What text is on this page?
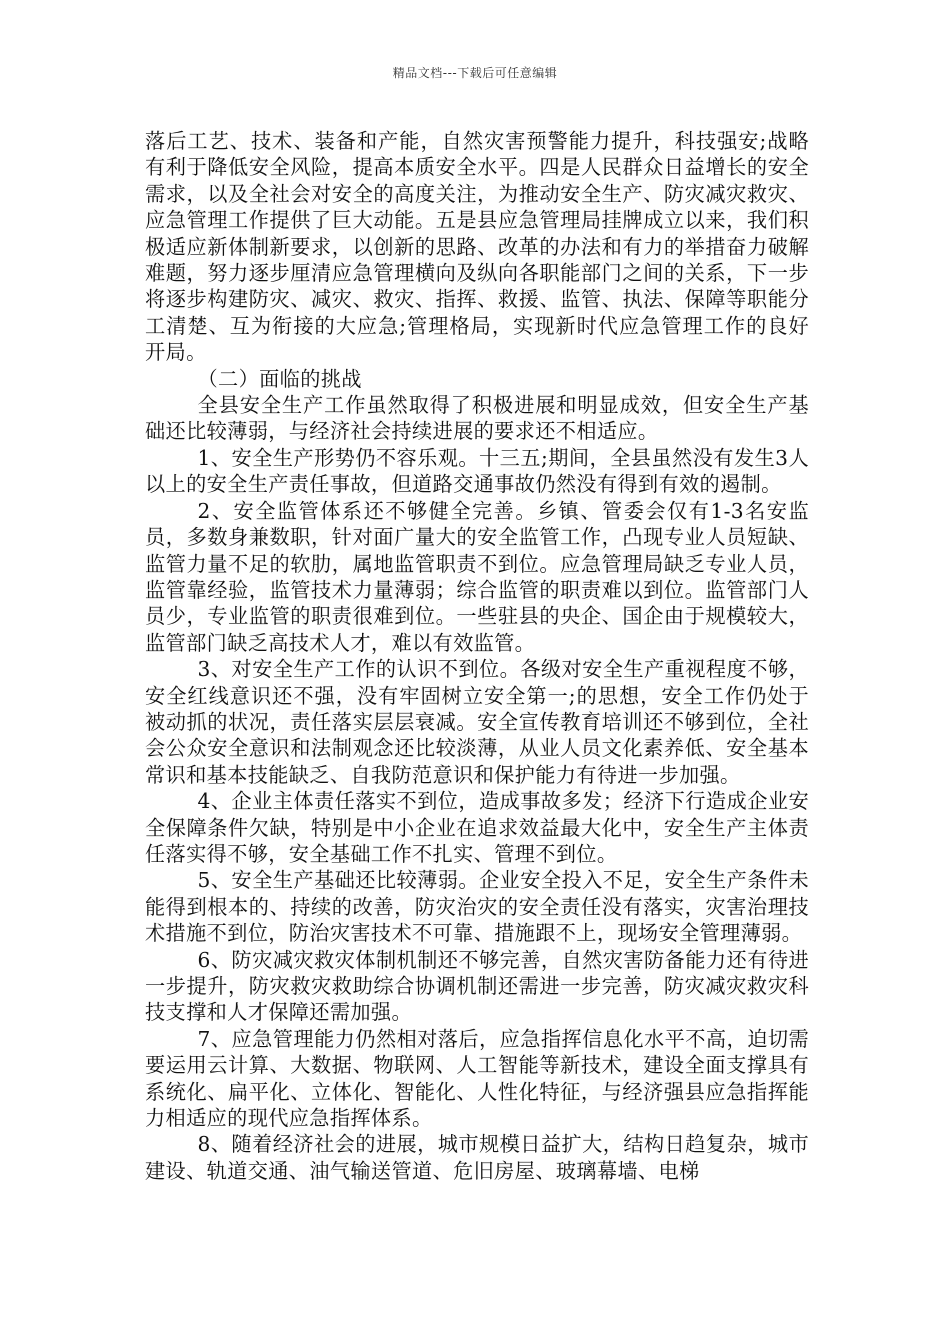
精品文档---下载后可任意编辑

落后工艺、技术、装备和产能，自然灾害预警能力提升，科技强安;战略有利于降低安全风险，提高本质安全水平。四是人民群众日益增长的安全需求，以及全社会对安全的高度关注，为推动安全生产、防灾减灾救灾、应急管理工作提供了巨大动能。五是县应急管理局挂牌成立以来，我们积极适应新体制新要求，以创新的思路、改革的办法和有力的举措奋力破解难题，努力逐步厘清应急管理横向及纵向各职能部门之间的关系，下一步将逐步构建防灾、减灾、救灾、指挥、救援、监管、执法、保障等职能分工清楚、互为衔接的大应急;管理格局，实现新时代应急管理工作的良好开局。

（二）面临的挑战

全县安全生产工作虽然取得了积极进展和明显成效，但安全生产基础还比较薄弱，与经济社会持续进展的要求还不相适应。

1、安全生产形势仍不容乐观。十三五;期间，全县虽然没有发生3人以上的安全生产责任事故，但道路交通事故仍然没有得到有效的遏制。

2、安全监管体系还不够健全完善。乡镇、管委会仅有1-3名安监员，多数身兼数职，针对面广量大的安全监管工作，凸现专业人员短缺、监管力量不足的软肋，属地监管职责不到位。应急管理局缺乏专业人员，监管靠经验，监管技术力量薄弱；综合监管的职责难以到位。监管部门人员少，专业监管的职责很难到位。一些驻县的央企、国企由于规模较大，监管部门缺乏高技术人才，难以有效监管。

3、对安全生产工作的认识不到位。各级对安全生产重视程度不够，安全红线意识还不强，没有牢固树立安全第一;的思想，安全工作仍处于被动抓的状况，责任落实层层衰减。安全宣传教育培训还不够到位，全社会公众安全意识和法制观念还比较淡薄，从业人员文化素养低、安全基本常识和基本技能缺乏、自我防范意识和保护能力有待进一步加强。

4、企业主体责任落实不到位，造成事故多发；经济下行造成企业安全保障条件欠缺，特别是中小企业在追求效益最大化中，安全生产主体责任落实得不够，安全基础工作不扎实、管理不到位。

5、安全生产基础还比较薄弱。企业安全投入不足，安全生产条件未能得到根本的、持续的改善，防灾治灾的安全责任没有落实，灾害治理技术措施不到位，防治灾害技术不可靠、措施跟不上，现场安全管理薄弱。

6、防灾减灾救灾体制机制还不够完善，自然灾害防备能力还有待进一步提升，防灾救灾救助综合协调机制还需进一步完善，防灾减灾救灾科技支撑和人才保障还需加强。

7、应急管理能力仍然相对落后，应急指挥信息化水平不高，迫切需要运用云计算、大数据、物联网、人工智能等新技术，建设全面支撑具有系统化、扁平化、立体化、智能化、人性化特征，与经济强县应急指挥能力相适应的现代应急指挥体系。

8、随着经济社会的进展，城市规模日益扩大，结构日趋复杂，城市建设、轨道交通、油气输送管道、危旧房屋、玻璃幕墙、电梯
